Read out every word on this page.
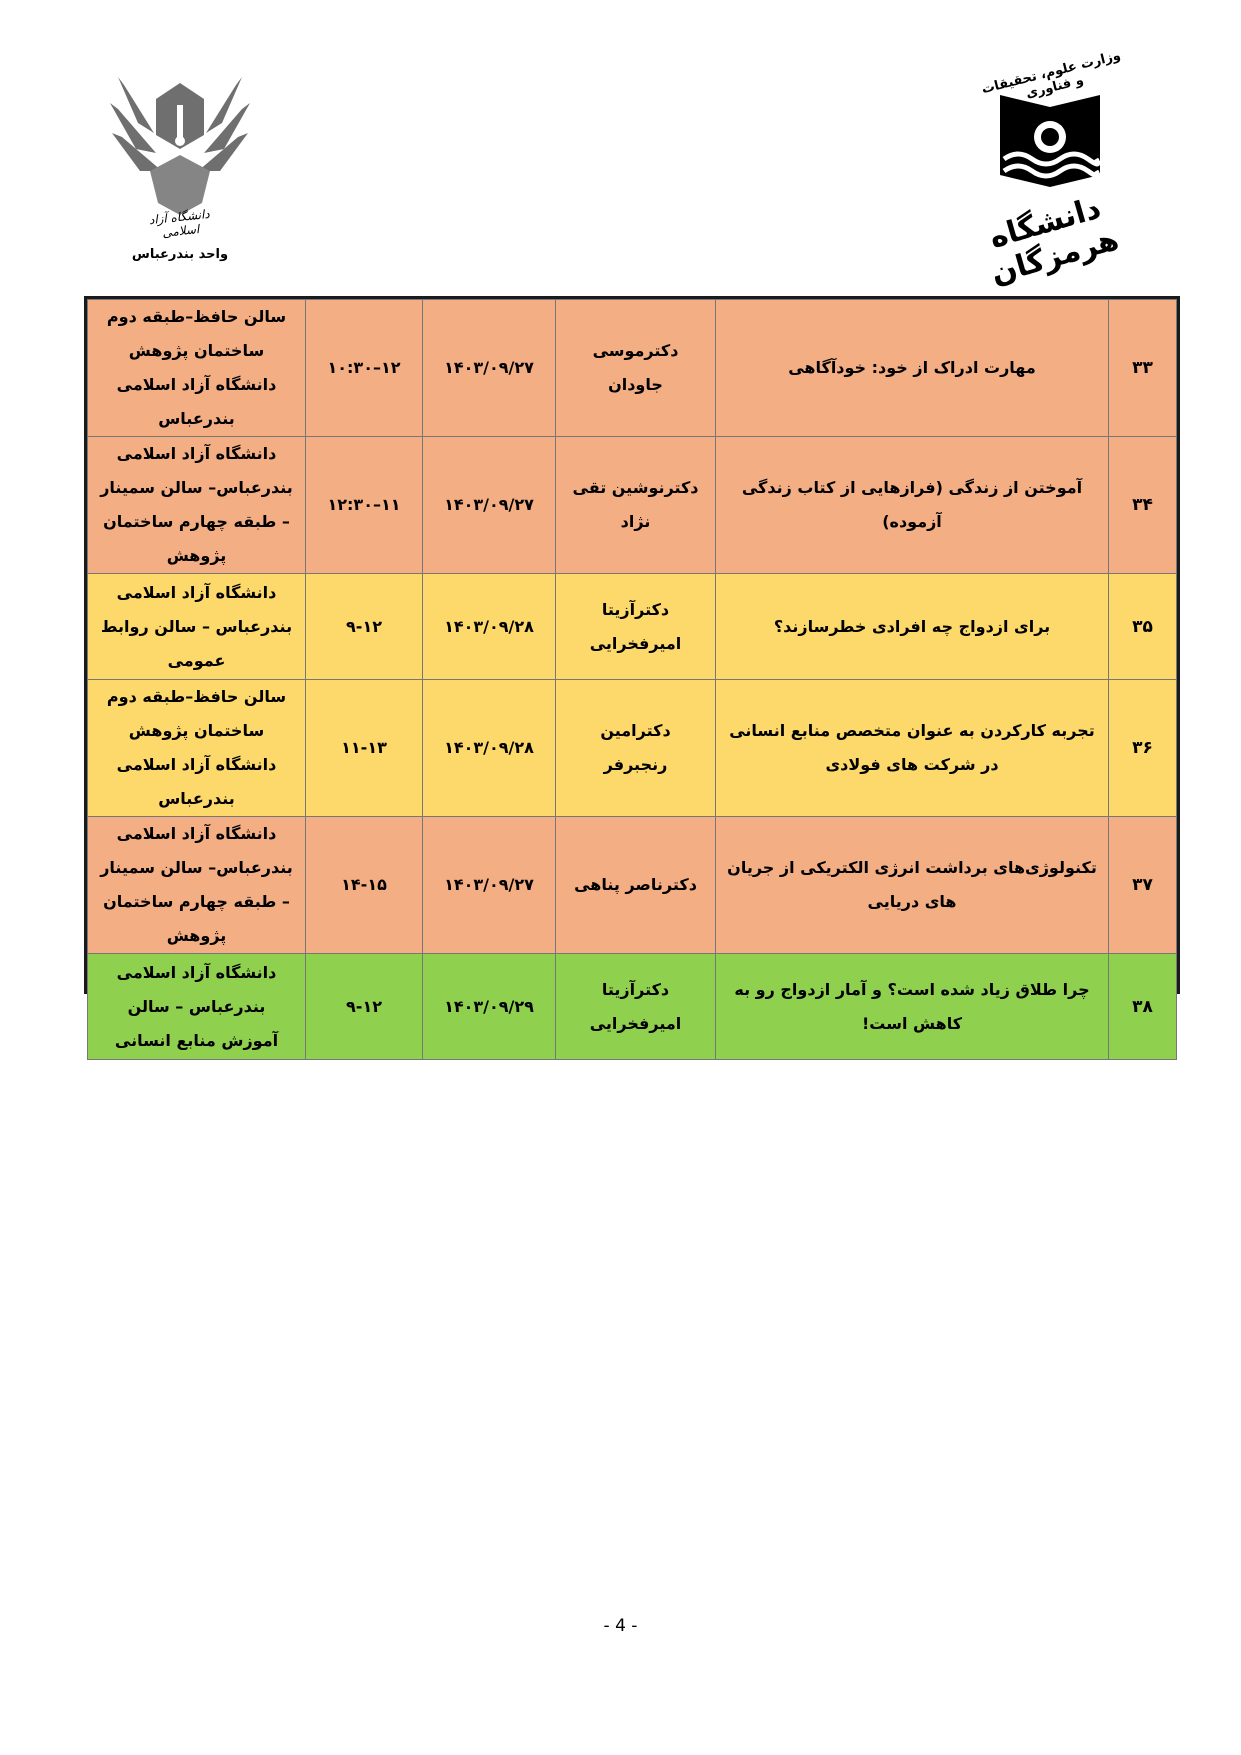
دانشگاه آزاد اسلامی
واحد بندرعباس
وزارت علوم، تحقیقات و فناوری
دانشگاه هرمزگان
۳۳	مهارت ادراک از خود: خودآگاهی	دکترموسی جاودان	۱۴۰۳/۰۹/۲۷	۱۲–۱۰:۳۰	سالن حافظ–طبقه دوم ساختمان پژوهش دانشگاه آزاد اسلامی بندرعباس
۳۴	آموختن از زندگی (فرازهایی از کتاب زندگی آزموده)	دکترنوشین تقی نژاد	۱۴۰۳/۰۹/۲۷	۱۱–۱۲:۳۰	دانشگاه آزاد اسلامی بندرعباس– سالن سمینار – طبقه چهارم ساختمان پژوهش
۳۵	برای ازدواج چه افرادی خطرسازند؟	دکترآزیتا امیرفخرایی	۱۴۰۳/۰۹/۲۸	۹-۱۲	دانشگاه آزاد اسلامی بندرعباس – سالن روابط عمومی
۳۶	تجربه کارکردن به عنوان متخصص منابع انسانی در شرکت های فولادی	دکترامین رنجبرفر	۱۴۰۳/۰۹/۲۸	۱۱-۱۳	سالن حافظ–طبقه دوم ساختمان پژوهش دانشگاه آزاد اسلامی بندرعباس
۳۷	تکنولوژی‌های برداشت انرژی الکتریکی از جریان های دریایی	دکترناصر پناهی	۱۴۰۳/۰۹/۲۷	۱۴-۱۵	دانشگاه آزاد اسلامی بندرعباس– سالن سمینار – طبقه چهارم ساختمان پژوهش
۳۸	چرا طلاق زیاد شده است؟ و آمار ازدواج رو به کاهش است!	دکترآزیتا امیرفخرایی	۱۴۰۳/۰۹/۲۹	۹-۱۲	دانشگاه آزاد اسلامی بندرعباس – سالن آموزش منابع انسانی
- 4 -
